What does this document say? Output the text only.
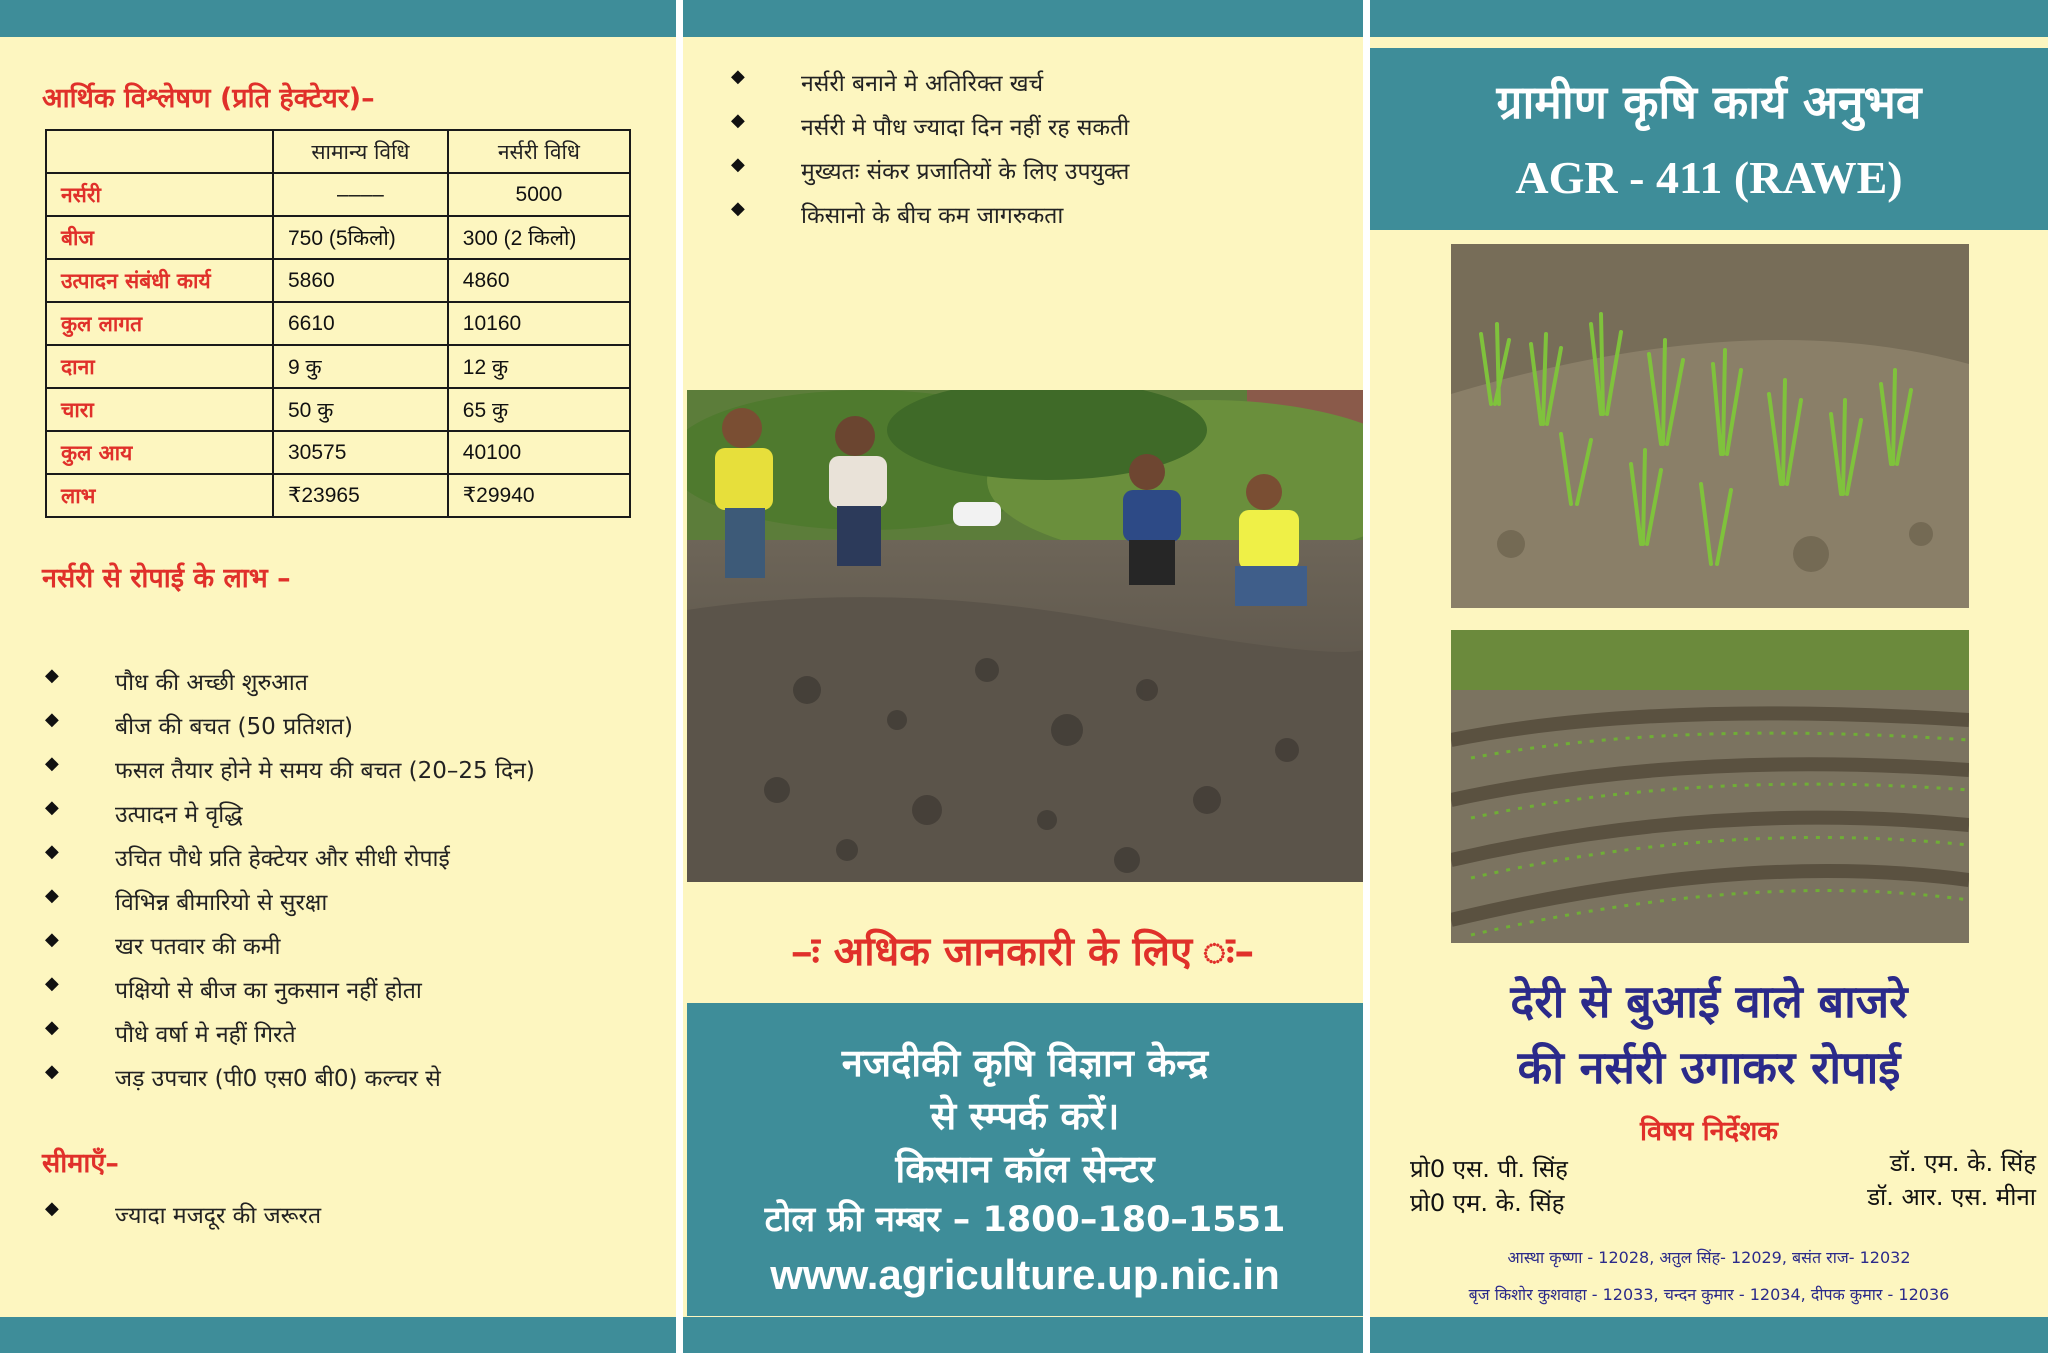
आर्थिक विश्लेषण (प्रति हेक्टेयर)–
	सामान्य विधि	नर्सरी विधि
नर्सरी	––––	5000
बीज	750 (5किलो)	300 (2 किलो)
उत्पादन संबंधी कार्य	5860	4860
कुल लागत	6610	10160
दाना	9 कु	12 कु
चारा	50 कु	65 कु
कुल आय	30575	40100
लाभ	₹23965	₹29940
नर्सरी से रोपाई के लाभ –
◆ पौध की अच्छी शुरुआत
◆ बीज की बचत (50 प्रतिशत)
◆ फसल तैयार होने मे समय की बचत (20–25 दिन)
◆ उत्पादन मे वृद्धि
◆ उचित पौधे प्रति हेक्टेयर और सीधी रोपाई
◆ विभिन्न बीमारियो से सुरक्षा
◆ खर पतवार की कमी
◆ पक्षियो से बीज का नुकसान नहीं होता
◆ पौधे वर्षा मे नहीं गिरते
◆ जड़ उपचार (पी0 एस0 बी0) कल्चर से
सीमाएँ–
◆ ज्यादा मजदूर की जरूरत
◆ नर्सरी बनाने मे अतिरिक्त खर्च
◆ नर्सरी मे पौध ज्यादा दिन नहीं रह सकती
◆ मुख्यतः संकर प्रजातियों के लिए उपयुक्त
◆ किसानो के बीच कम जागरुकता
–ः अधिक जानकारी के लिए ः–
नजदीकी कृषि विज्ञान केन्द्र
से स्म्पर्क करें।
किसान कॉल सेन्टर
टोल फ्री नम्बर – 1800–180–1551
www.agriculture.up.nic.in
ग्रामीण कृषि कार्य अनुभव
AGR - 411 (RAWE)
देरी से बुआई वाले बाजरे
की नर्सरी उगाकर रोपाई
विषय निर्देशक
प्रो0 एस. पी. सिंह
प्रो0 एम. के. सिंह
डॉ. एम. के. सिंह
डॉ. आर. एस. मीना
आस्था कृष्णा - 12028, अतुल सिंह- 12029, बसंत राज- 12032
बृज किशोर कुशवाहा - 12033, चन्दन कुमार - 12034, दीपक कुमार - 12036
